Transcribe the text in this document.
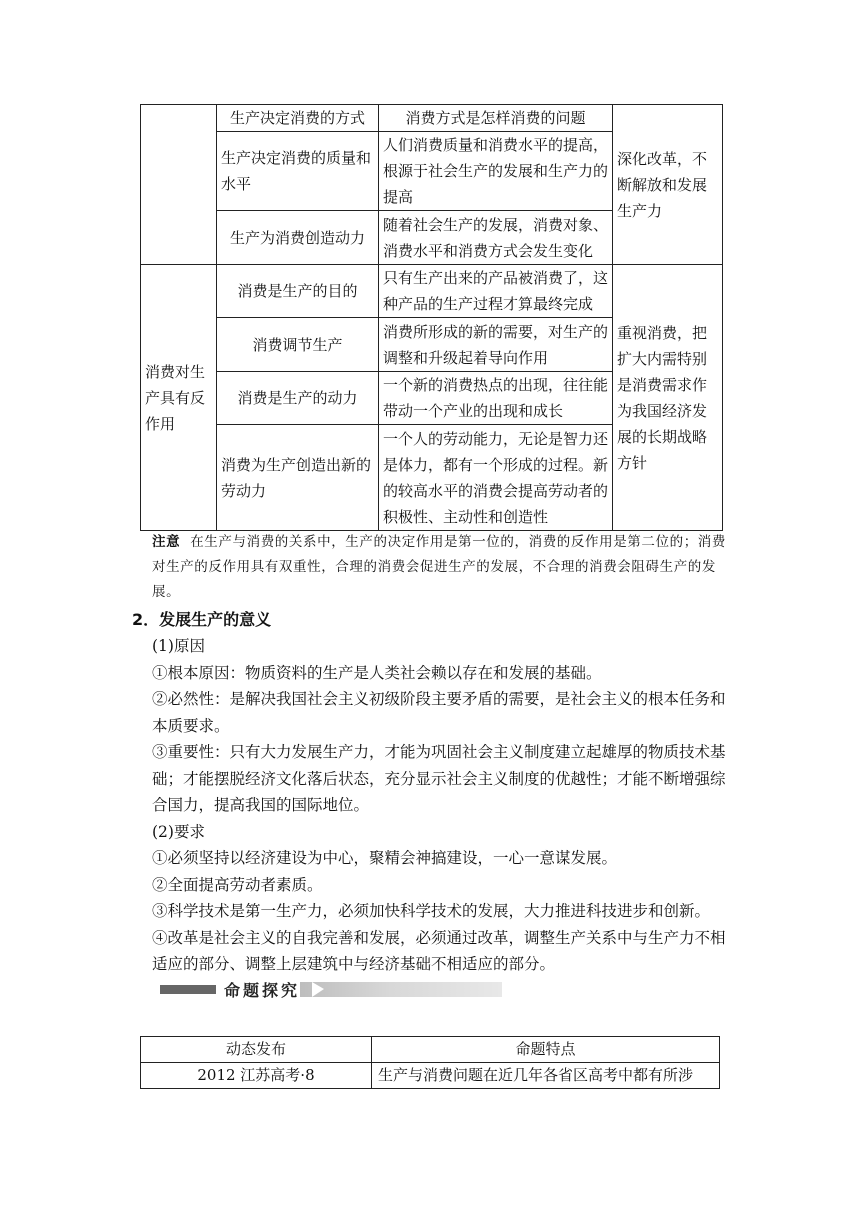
	生产决定消费的方式	消费方式是怎样消费的问题	深化改革，不断解放和发展生产力
	生产决定消费的质量和水平	人们消费质量和消费水平的提高，根源于社会生产的发展和生产力的提高	
	生产为消费创造动力	随着社会生产的发展，消费对象、消费水平和消费方式会发生变化	
消费对生产具有反作用	消费是生产的目的	只有生产出来的产品被消费了，这种产品的生产过程才算最终完成	重视消费，把扩大内需特别是消费需求作为我国经济发展的长期战略方针
	消费调节生产	消费所形成的新的需要，对生产的调整和升级起着导向作用	
	消费是生产的动力	一个新的消费热点的出现，往往能带动一个产业的出现和成长	
	消费为生产创造出新的劳动力	一个人的劳动能力，无论是智力还是体力，都有一个形成的过程。新的较高水平的消费会提高劳动者的积极性、主动性和创造性	
注意 在生产与消费的关系中，生产的决定作用是第一位的，消费的反作用是第二位的；消费对生产的反作用具有双重性，合理的消费会促进生产的发展，不合理的消费会阻碍生产的发展。
2．发展生产的意义

(1)原因

①根本原因：物质资料的生产是人类社会赖以存在和发展的基础。

②必然性：是解决我国社会主义初级阶段主要矛盾的需要，是社会主义的根本任务和本质要求。

③重要性：只有大力发展生产力，才能为巩固社会主义制度建立起雄厚的物质技术基础；才能摆脱经济文化落后状态，充分显示社会主义制度的优越性；才能不断增强综合国力，提高我国的国际地位。

(2)要求

①必须坚持以经济建设为中心，聚精会神搞建设，一心一意谋发展。

②全面提高劳动者素质。

③科学技术是第一生产力，必须加快科学技术的发展，大力推进科技进步和创新。

④改革是社会主义的自我完善和发展，必须通过改革，调整生产关系中与生产力不相适应的部分、调整上层建筑中与经济基础不相适应的部分。

命题探究
动态发布	命题特点
2012 江苏高考·8	生产与消费问题在近几年各省区高考中都有所涉
